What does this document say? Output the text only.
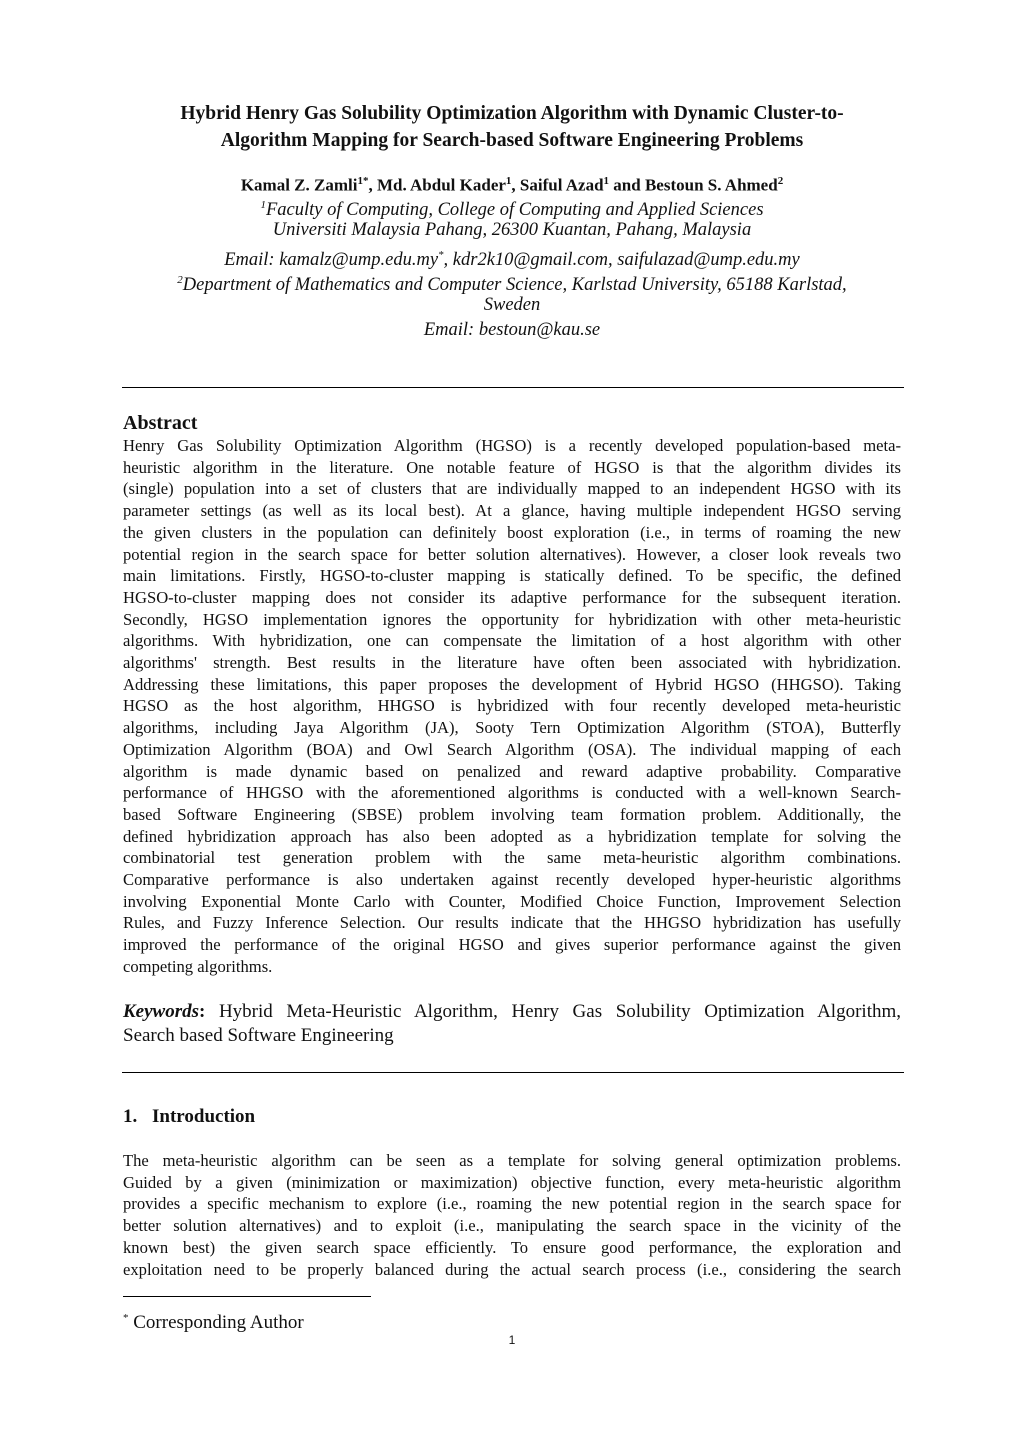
Hybrid Henry Gas Solubility Optimization Algorithm with Dynamic Cluster-to-
Algorithm Mapping for Search-based Software Engineering Problems
Kamal Z. Zamli$^{1*}$, Md. Abdul Kader$^1$, Saiful Azad$^1$ and Bestoun S. Ahmed$^2$
$^1$Faculty of Computing, College of Computing and Applied Sciences
Universiti Malaysia Pahang, 26300 Kuantan, Pahang, Malaysia
Email: kamalz@ump.edu.my*, kdr2k10@gmail.com, saifulazad@ump.edu.my
$^2$Department of Mathematics and Computer Science, Karlstad University, 65188 Karlstad,
Sweden
Email: bestoun@kau.se
Abstract
Henry Gas Solubility Optimization Algorithm (HGSO) is a recently developed population-based meta-
heuristic algorithm in the literature. One notable feature of HGSO is that the algorithm divides its
(single) population into a set of clusters that are individually mapped to an independent HGSO with its
parameter settings (as well as its local best). At a glance, having multiple independent HGSO serving
the given clusters in the population can definitely boost exploration (i.e., in terms of roaming the new
potential region in the search space for better solution alternatives). However, a closer look reveals two
main limitations. Firstly, HGSO-to-cluster mapping is statically defined. To be specific, the defined
HGSO-to-cluster mapping does not consider its adaptive performance for the subsequent iteration.
Secondly, HGSO implementation ignores the opportunity for hybridization with other meta-heuristic
algorithms. With hybridization, one can compensate the limitation of a host algorithm with other
algorithms' strength. Best results in the literature have often been associated with hybridization.
Addressing these limitations, this paper proposes the development of Hybrid HGSO (HHGSO). Taking
HGSO as the host algorithm, HHGSO is hybridized with four recently developed meta-heuristic
algorithms, including Jaya Algorithm (JA), Sooty Tern Optimization Algorithm (STOA), Butterfly
Optimization Algorithm (BOA) and Owl Search Algorithm (OSA). The individual mapping of each
algorithm is made dynamic based on penalized and reward adaptive probability. Comparative
performance of HHGSO with the aforementioned algorithms is conducted with a well-known Search-
based Software Engineering (SBSE) problem involving team formation problem. Additionally, the
defined hybridization approach has also been adopted as a hybridization template for solving the
combinatorial test generation problem with the same meta-heuristic algorithm combinations.
Comparative performance is also undertaken against recently developed hyper-heuristic algorithms
involving Exponential Monte Carlo with Counter, Modified Choice Function, Improvement Selection
Rules, and Fuzzy Inference Selection. Our results indicate that the HHGSO hybridization has usefully
improved the performance of the original HGSO and gives superior performance against the given
competing algorithms.
Keywords: Hybrid Meta-Heuristic Algorithm, Henry Gas Solubility Optimization Algorithm,
Search based Software Engineering
1. Introduction
The meta-heuristic algorithm can be seen as a template for solving general optimization problems.
Guided by a given (minimization or maximization) objective function, every meta-heuristic algorithm
provides a specific mechanism to explore (i.e., roaming the new potential region in the search space for
better solution alternatives) and to exploit (i.e., manipulating the search space in the vicinity of the
known best) the given search space efficiently. To ensure good performance, the exploration and
exploitation need to be properly balanced during the actual search process (i.e., considering the search
* Corresponding Author
1
